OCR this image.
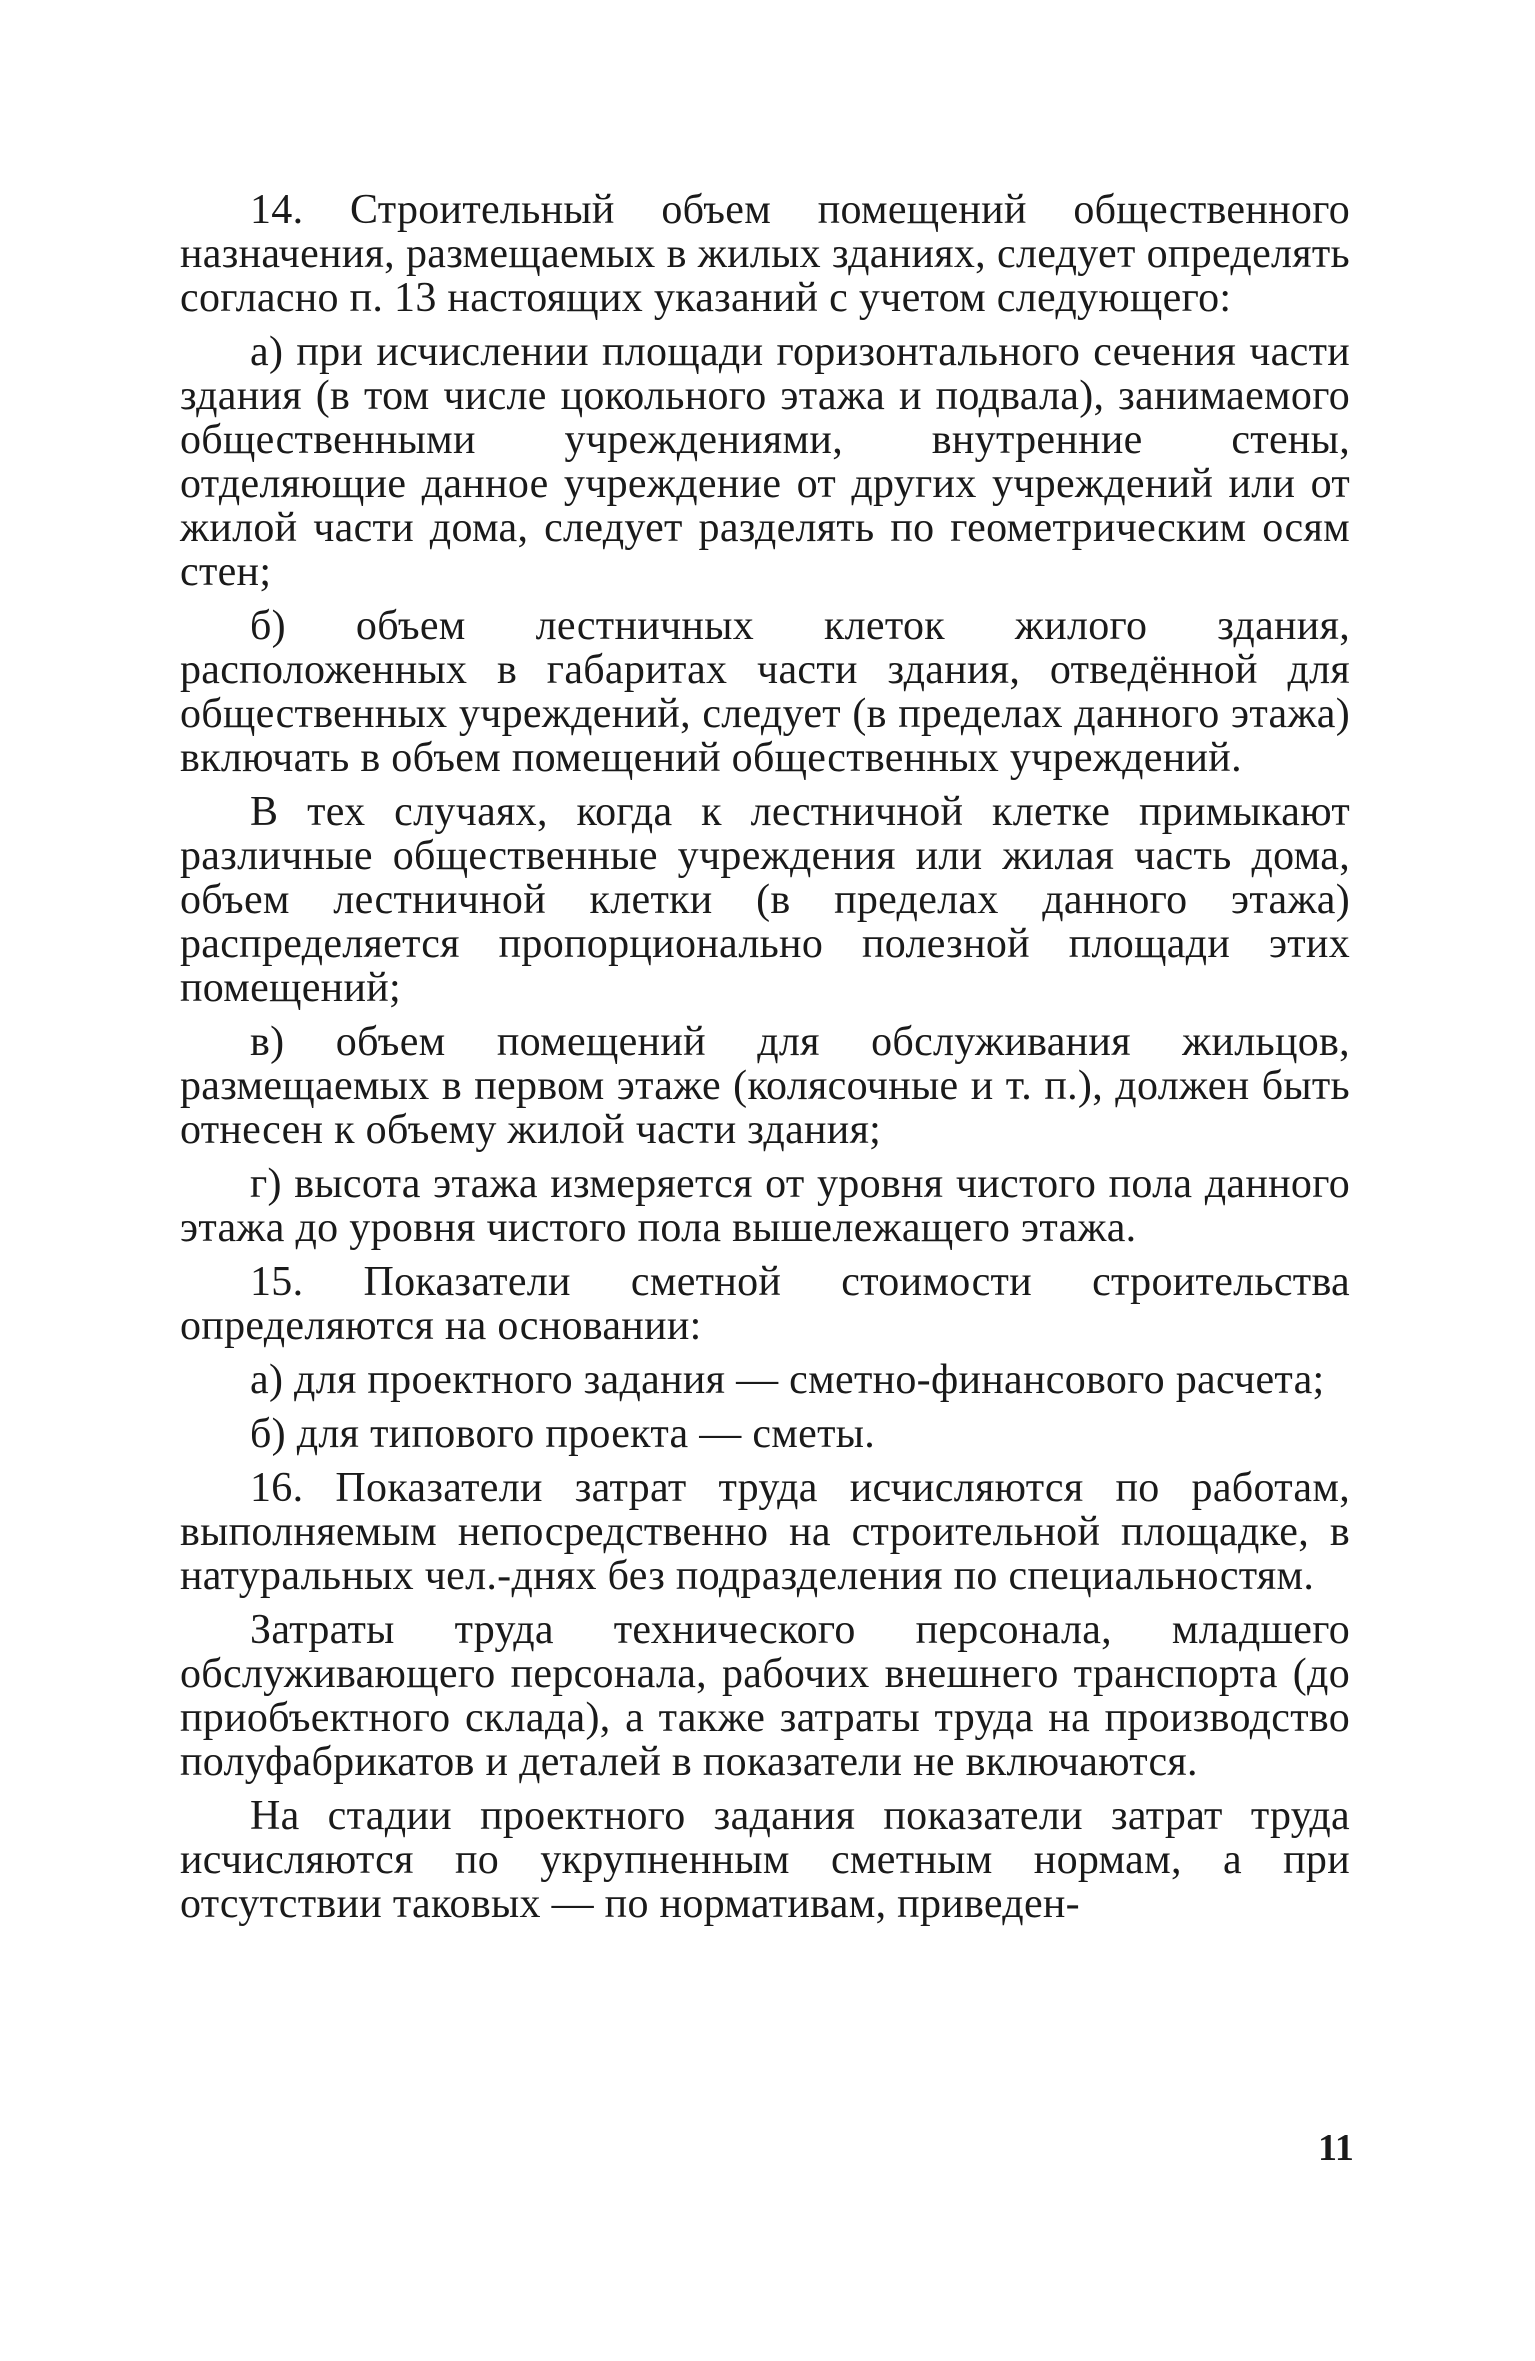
14. Строительный объем помещений общественного назначения, размещаемых в жилых зданиях, следует определять согласно п. 13 настоящих указаний с учетом следующего:

а) при исчислении площади горизонтального сечения части здания (в том числе цокольного этажа и подвала), занимаемого общественными учреждениями, внутренние стены, отделяющие данное учреждение от других учреждений или от жилой части дома, следует разделять по геометрическим осям стен;

б) объем лестничных клеток жилого здания, расположенных в габаритах части здания, отведённой для общественных учреждений, следует (в пределах данного этажа) включать в объем помещений общественных учреждений.

В тех случаях, когда к лестничной клетке примыкают различные общественные учреждения или жилая часть дома, объем лестничной клетки (в пределах данного этажа) распределяется пропорционально полезной площади этих помещений;

в) объем помещений для обслуживания жильцов, размещаемых в первом этаже (колясочные и т. п.), должен быть отнесен к объему жилой части здания;

г) высота этажа измеряется от уровня чистого пола данного этажа до уровня чистого пола вышележащего этажа.

15. Показатели сметной стоимости строительства определяются на основании:

а) для проектного задания — сметно-финансового расчета;

б) для типового проекта — сметы.

16. Показатели затрат труда исчисляются по работам, выполняемым непосредственно на строительной площадке, в натуральных чел.-днях без подразделения по специальностям.

Затраты труда технического персонала, младшего обслуживающего персонала, рабочих внешнего транспорта (до приобъектного склада), а также затраты труда на производство полуфабрикатов и деталей в показатели не включаются.

На стадии проектного задания показатели затрат труда исчисляются по укрупненным сметным нормам, а при отсутствии таковых — по нормативам, приведен-

11
